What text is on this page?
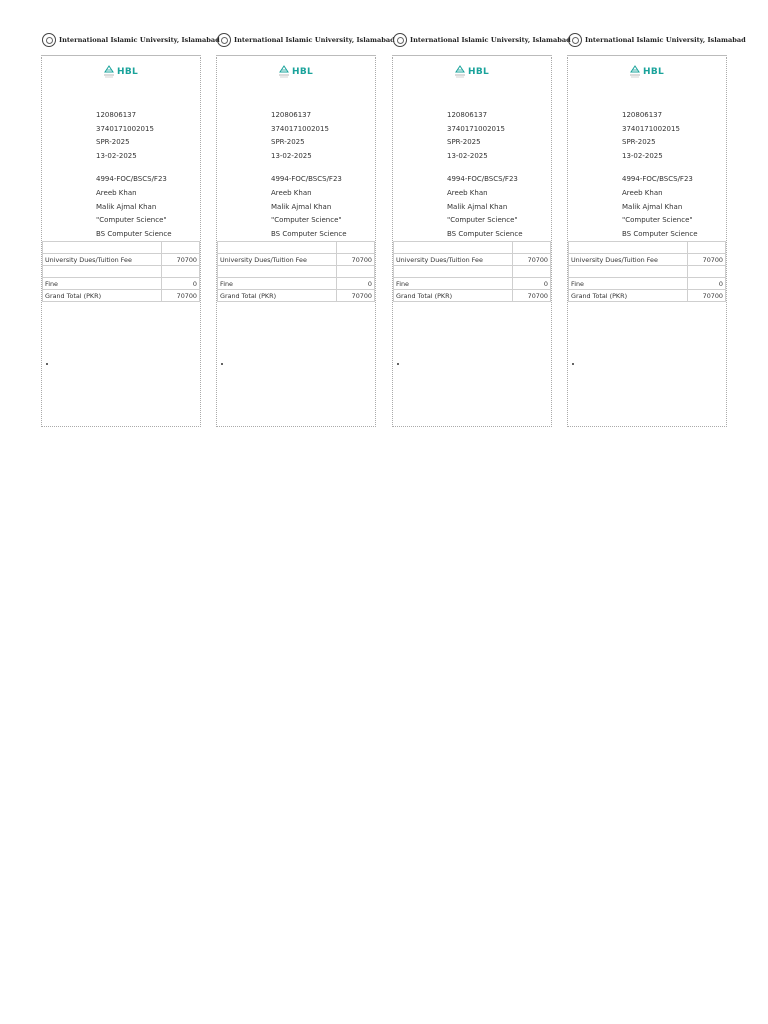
International Islamic University, Islamabad
HBL
120806137
3740171002015
SPR-2025
13-02-2025
4994-FOC/BSCS/F23
Areeb Khan
Malik Ajmal Khan
"Computer Science"
BS Computer Science

University Dues/Tuition Fee	70700

Fine	0
Grand Total (PKR)	70700
International Islamic University, Islamabad
HBL
120806137
3740171002015
SPR-2025
13-02-2025
4994-FOC/BSCS/F23
Areeb Khan
Malik Ajmal Khan
"Computer Science"
BS Computer Science

University Dues/Tuition Fee	70700

Fine	0
Grand Total (PKR)	70700
International Islamic University, Islamabad
HBL
120806137
3740171002015
SPR-2025
13-02-2025
4994-FOC/BSCS/F23
Areeb Khan
Malik Ajmal Khan
"Computer Science"
BS Computer Science

University Dues/Tuition Fee	70700

Fine	0
Grand Total (PKR)	70700
International Islamic University, Islamabad
HBL
120806137
3740171002015
SPR-2025
13-02-2025
4994-FOC/BSCS/F23
Areeb Khan
Malik Ajmal Khan
"Computer Science"
BS Computer Science

University Dues/Tuition Fee	70700

Fine	0
Grand Total (PKR)	70700
